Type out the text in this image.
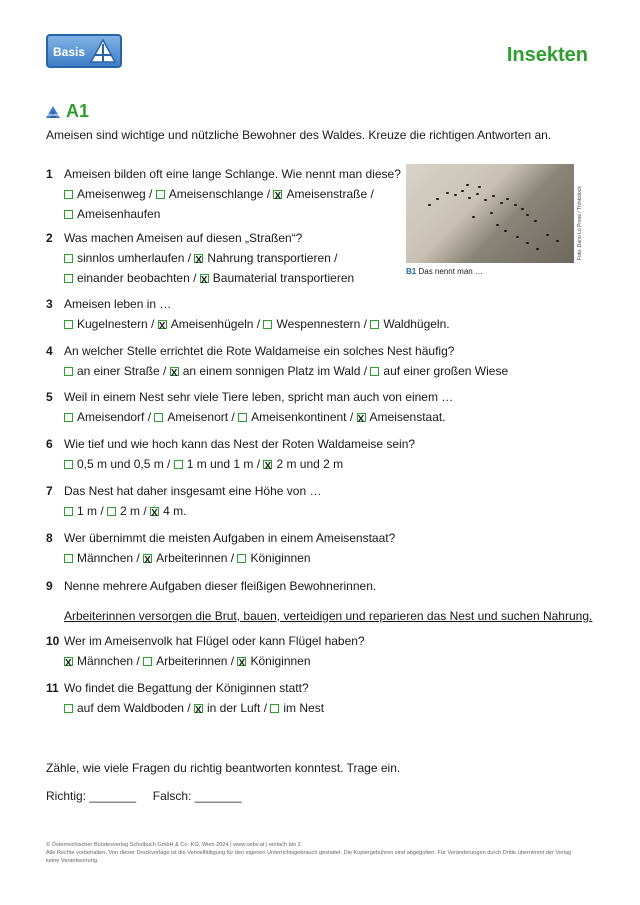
Basis	Insekten
A1
Ameisen sind wichtige und nützliche Bewohner des Waldes. Kreuze die richtigen Antworten an.
1 Ameisen bilden oft eine lange Schlange. Wie nennt man diese?
Ameisenweg / Ameisenschlange / XAmeisenstraße /
Ameisenhaufen
2 Was machen Ameisen auf diesen „Straßen“?
sinnlos umherlaufen / XNahrung transportieren /
einander beobachten / XBaumaterial transportieren
3 Ameisen leben in …
Kugelnestern / XAmeisenhügeln / Wespennestern / Waldhügeln.
4 An welcher Stelle errichtet die Rote Waldameise ein solches Nest häufig?
an einer Straße / Xan einem sonnigen Platz im Wald / auf einer großen Wiese
5 Weil in einem Nest sehr viele Tiere leben, spricht man auch von einem …
Ameisendorf / Ameisenort / Ameisenkontinent / XAmeisenstaat.
6 Wie tief und wie hoch kann das Nest der Roten Waldameise sein?
0,5 m und 0,5 m / 1 m und 1 m / X2 m und 2 m
7 Das Nest hat daher insgesamt eine Höhe von …
1 m / 2 m / X4 m.
8 Wer übernimmt die meisten Aufgaben in einem Ameisenstaat?
Männchen / XArbeiterinnen / Königinnen
9 Nenne mehrere Aufgaben dieser fleißigen Bewohnerinnen.
Arbeiterinnen versorgen die Brut, bauen, verteidigen und reparieren das Nest und suchen Nahrung.
10 Wer im Ameisenvolk hat Flügel oder kann Flügel haben?
XMännchen / Arbeiterinnen / XKöniginnen
11 Wo findet die Begattung der Königinnen statt?
auf dem Waldboden / Xin der Luft / im Nest
Foto: Dario Lo Presti / Thinkstock
B1 Das nennt man …
Zähle, wie viele Fragen du richtig beantworten konntest. Trage ein.
Richtig: _______ Falsch: _______
© Österreichischer Bundesverlag Schulbuch GmbH & Co. KG, Wien 2024 | www.oebv.at | einfach bio 2
Alle Rechte vorbehalten. Von dieser Druckvorlage ist die Vervielfältigung für den eigenen Unterrichtsgebrauch gestattet. Die Kopiergebühren sind abgegolten. Für Veränderungen durch Dritte übernimmt der Verlag keine Verantwortung.
